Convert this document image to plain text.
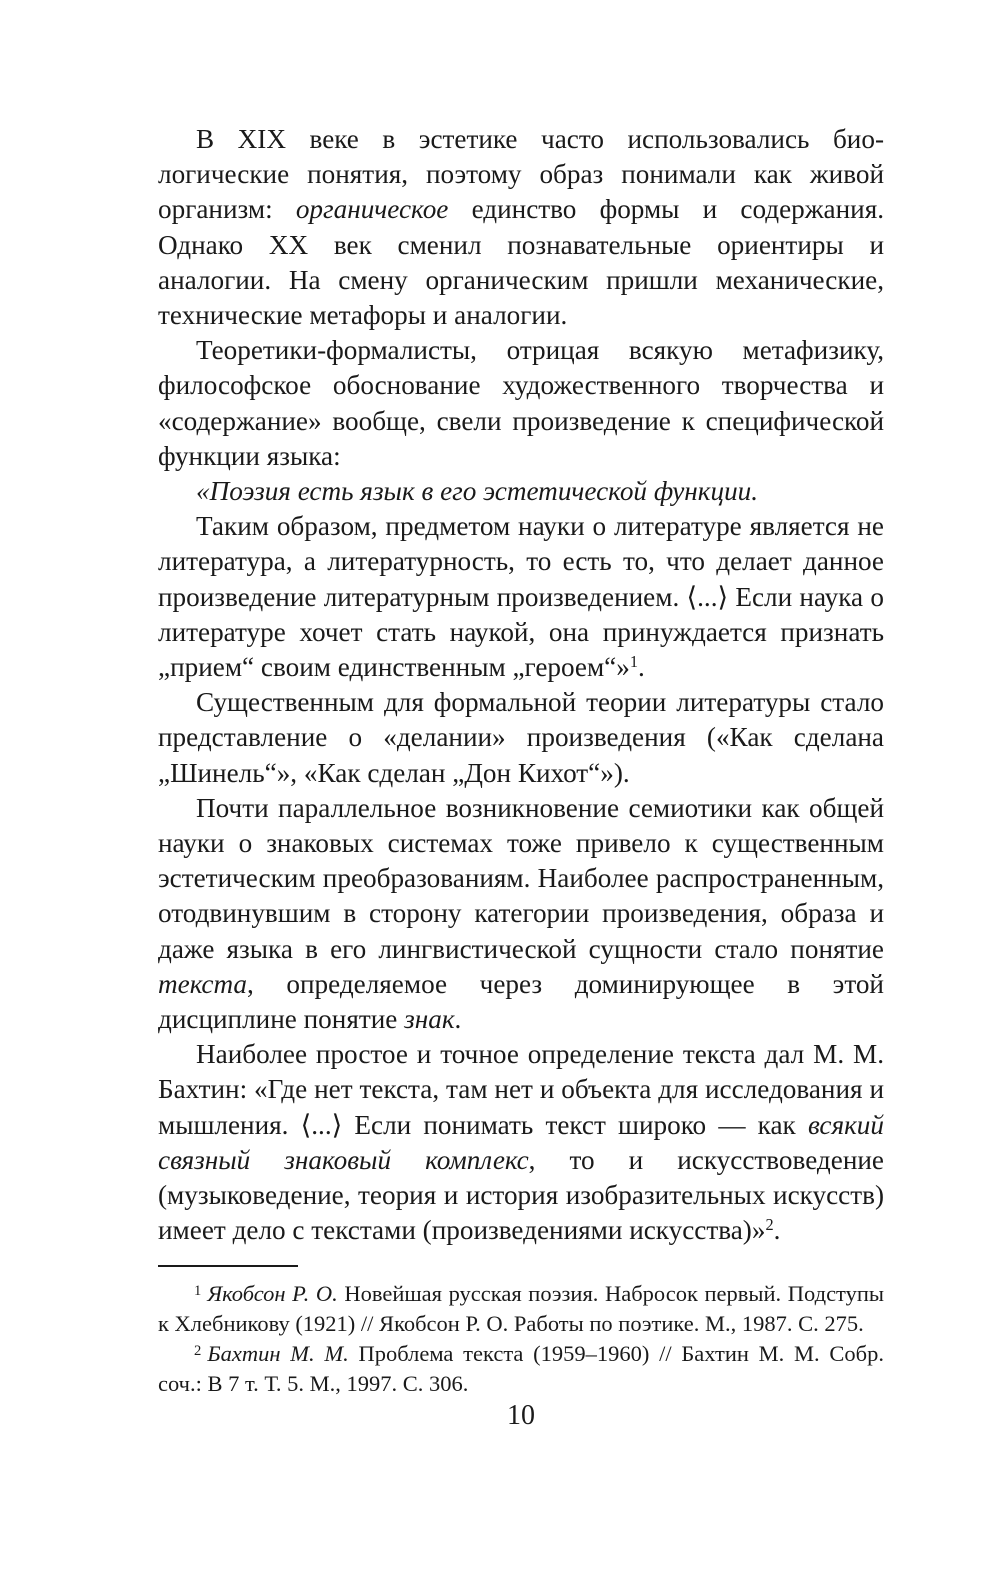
В XIX веке в эстетике часто использовались биологические понятия, поэтому образ понимали как живой организм: органическое единство формы и содержания. Однако XX век сменил познавательные ориентиры и аналогии. На смену органическим пришли механические, технические метафоры и аналогии.

Теоретики-формалисты, отрицая всякую метафизику, философское обоснование художественного творчества и «содержание» вообще, свели произведение к специфической функции языка:

«Поэзия есть язык в его эстетической функции.

Таким образом, предметом науки о литературе является не литература, а литературность, то есть то, что делает данное произведение литературным произведением. ⟨...⟩ Если наука о литературе хочет стать наукой, она принуждается признать „прием“ своим единственным „героем“»$^1$.

Существенным для формальной теории литературы стало представление о «делании» произведения («Как сделана „Шинель“», «Как сделан „Дон Кихот“»).

Почти параллельное возникновение семиотики как общей науки о знаковых системах тоже привело к существенным эстетическим преобразованиям. Наиболее распространенным, отодвинувшим в сторону категории произведения, образа и даже языка в его лингвистической сущности стало понятие текста, определяемое через доминирующее в этой дисциплине понятие знак.

Наиболее простое и точное определение текста дал М. М. Бахтин: «Где нет текста, там нет и объекта для исследования и мышления. ⟨...⟩ Если понимать текст широко — как всякий связный знаковый комплекс, то и искусствоведение (музыковедение, теория и история изобразительных искусств) имеет дело с текстами (произведениями искусства)»$^2$.

$^1$ Якобсон Р. О. Новейшая русская поэзия. Набросок первый. Подступы к Хлебникову (1921) // Якобсон Р. О. Работы по поэтике. М., 1987. С. 275.

$^2$ Бахтин М. М. Проблема текста (1959–1960) // Бахтин М. М. Собр. соч.: В 7 т. Т. 5. М., 1997. С. 306.

10
